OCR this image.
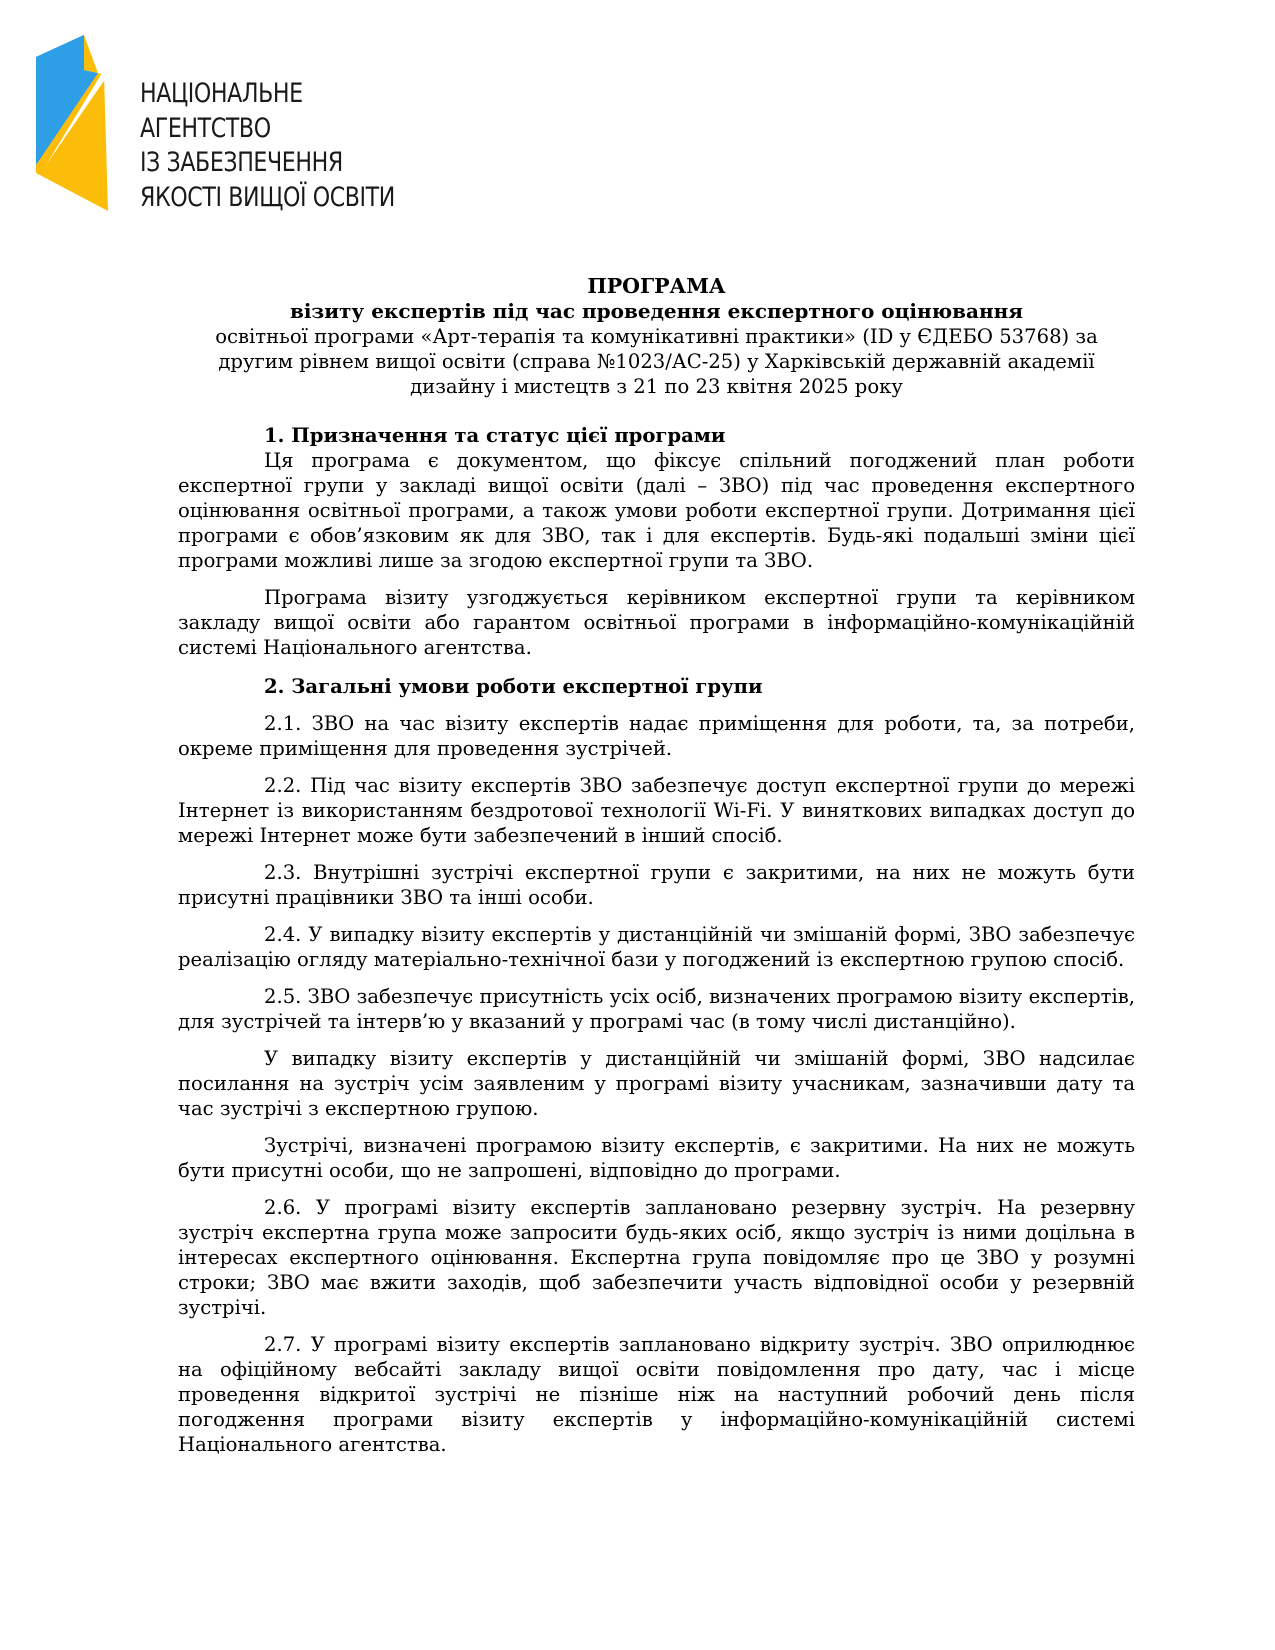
НАЦІОНАЛЬНЕ
АГЕНТСТВО
ІЗ ЗАБЕЗПЕЧЕННЯ
ЯКОСТІ ВИЩОЇ ОСВІТИ
ПРОГРАМА
візиту експертів під час проведення експертного оцінювання
освітньої програми «Арт-терапія та комунікативні практики» (ID у ЄДЕБО 53768) за другим рівнем вищої освіти (справа №1023/АС-25) у Харківській державній академії дизайну і мистецтв з 21 по 23 квітня 2025 року
1. Призначення та статус цієї програми

Ця програма є документом, що фіксує спільний погоджений план роботи експертної групи у закладі вищої освіти (далі – ЗВО) під час проведення експертного оцінювання освітньої програми, а також умови роботи експертної групи. Дотримання цієї програми є обов’язковим як для ЗВО, так і для експертів. Будь-які подальші зміни цієї програми можливі лише за згодою експертної групи та ЗВО.

Програма візиту узгоджується керівником експертної групи та керівником закладу вищої освіти або гарантом освітньої програми в інформаційно-комунікаційній системі Національного агентства.

2. Загальні умови роботи експертної групи

2.1. ЗВО на час візиту експертів надає приміщення для роботи, та, за потреби, окреме приміщення для проведення зустрічей.

2.2. Під час візиту експертів ЗВО забезпечує доступ експертної групи до мережі Інтернет із використанням бездротової технології Wi-Fi. У виняткових випадках доступ до мережі Інтернет може бути забезпечений в інший спосіб.

2.3. Внутрішні зустрічі експертної групи є закритими, на них не можуть бути присутні працівники ЗВО та інші особи.

2.4. У випадку візиту експертів у дистанційній чи змішаній формі, ЗВО забезпечує реалізацію огляду матеріально-технічної бази у погоджений із експертною групою спосіб.

2.5. ЗВО забезпечує присутність усіх осіб, визначених програмою візиту експертів, для зустрічей та інтерв’ю у вказаний у програмі час (в тому числі дистанційно).

У випадку візиту експертів у дистанційній чи змішаній формі, ЗВО надсилає посилання на зустріч усім заявленим у програмі візиту учасникам, зазначивши дату та час зустрічі з експертною групою.

Зустрічі, визначені програмою візиту експертів, є закритими. На них не можуть бути присутні особи, що не запрошені, відповідно до програми.

2.6. У програмі візиту експертів заплановано резервну зустріч. На резервну зустріч експертна група може запросити будь-яких осіб, якщо зустріч із ними доцільна в інтересах експертного оцінювання. Експертна група повідомляє про це ЗВО у розумні строки; ЗВО має вжити заходів, щоб забезпечити участь відповідної особи у резервній зустрічі.

2.7. У програмі візиту експертів заплановано відкриту зустріч. ЗВО оприлюднює на офіційному вебсайті закладу вищої освіти повідомлення про дату, час і місце проведення відкритої зустрічі не пізніше ніж на наступний робочий день після погодження програми візиту експертів у інформаційно-комунікаційній системі Національного агентства.
